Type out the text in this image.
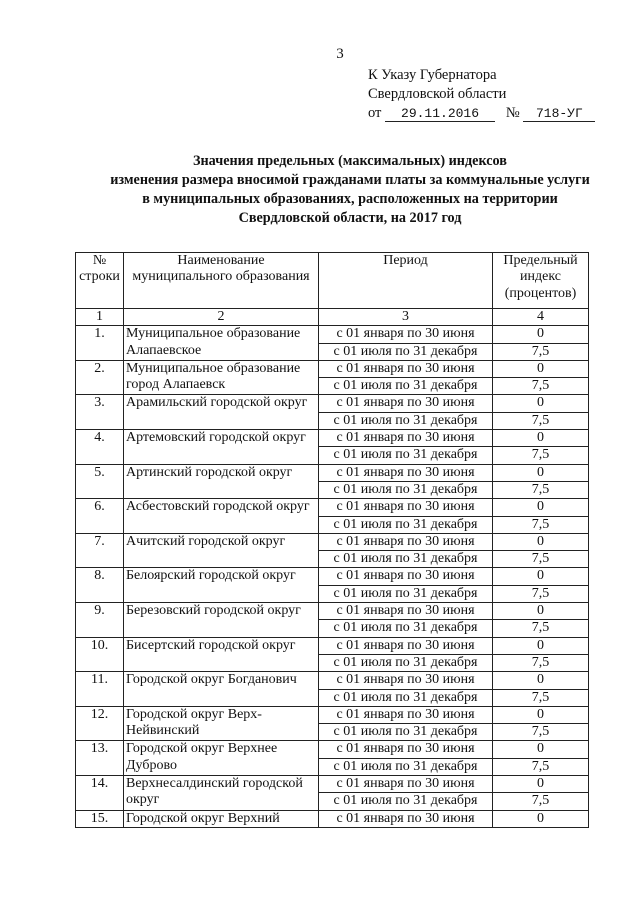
3
К Указу Губернатора
Свердловской области
от 29.11.2016 № 718-УГ
Значения предельных (максимальных) индексов
изменения размера вносимой гражданами платы за коммунальные услуги
в муниципальных образованиях, расположенных на территории
Свердловской области, на 2017 год
№ строки	Наименование муниципального образования	Период	Предельный индекс (процентов)
1	2	3	4
1.	Муниципальное образование Алапаевское	с 01 января по 30 июня	0
		с 01 июля по 31 декабря	7,5
2.	Муниципальное образование город Алапаевск	с 01 января по 30 июня	0
		с 01 июля по 31 декабря	7,5
3.	Арамильский городской округ	с 01 января по 30 июня	0
		с 01 июля по 31 декабря	7,5
4.	Артемовский городской округ	с 01 января по 30 июня	0
		с 01 июля по 31 декабря	7,5
5.	Артинский городской округ	с 01 января по 30 июня	0
		с 01 июля по 31 декабря	7,5
6.	Асбестовский городской округ	с 01 января по 30 июня	0
		с 01 июля по 31 декабря	7,5
7.	Ачитский городской округ	с 01 января по 30 июня	0
		с 01 июля по 31 декабря	7,5
8.	Белоярский городской округ	с 01 января по 30 июня	0
		с 01 июля по 31 декабря	7,5
9.	Березовский городской округ	с 01 января по 30 июня	0
		с 01 июля по 31 декабря	7,5
10.	Бисертский городской округ	с 01 января по 30 июня	0
		с 01 июля по 31 декабря	7,5
11.	Городской округ Богданович	с 01 января по 30 июня	0
		с 01 июля по 31 декабря	7,5
12.	Городской округ Верх-Нейвинский	с 01 января по 30 июня	0
		с 01 июля по 31 декабря	7,5
13.	Городской округ Верхнее Дуброво	с 01 января по 30 июня	0
		с 01 июля по 31 декабря	7,5
14.	Верхнесалдинский городской округ	с 01 января по 30 июня	0
		с 01 июля по 31 декабря	7,5
15.	Городской округ Верхний	с 01 января по 30 июня	0
